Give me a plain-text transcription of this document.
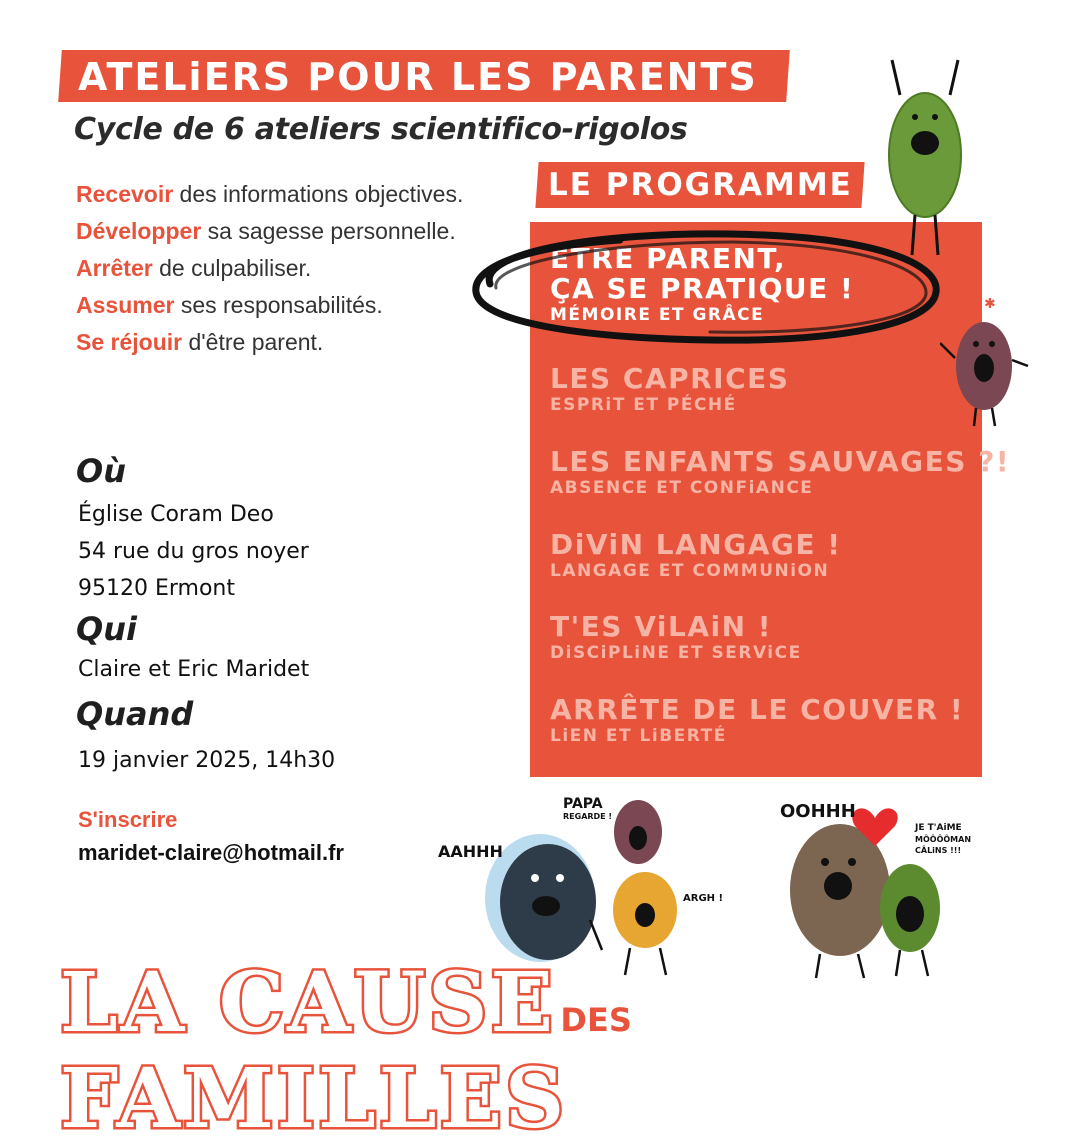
ATELiERS POUR LES PARENTS
Cycle de 6 ateliers scientifico-rigolos
Recevoir des informations objectives.
Développer sa sagesse personnelle.
Arrêter de culpabiliser.
Assumer ses responsabilités.
Se réjouir d'être parent.
Où
Église Coram Deo
54 rue du gros noyer
95120 Ermont
Qui
Claire et Eric Maridet
Quand
19 janvier 2025, 14h30
S'inscrire
maridet-claire@hotmail.fr
LE PROGRAMME
ETRE PARENT,
ÇA SE PRATIQUE !
MÉMOIRE ET GRÂCE
LES CAPRICES
ESPRiT ET PÉCHÉ
LES ENFANTS SAUVAGES ?!
ABSENCE ET CONFiANCE
DiViN LANGAGE !
LANGAGE ET COMMUNiON
T'ES ViLAiN !
DiSCiPLiNE ET SERViCE
ARRÊTE DE LE COUVER !
LiEN ET LiBERTÉ
✱
PAPA
REGARDE !
AAHHH
ARGH !
OOHHH
JE T'AiME
MÔÔÔÔMAN
CÂLiNS !!!
LA CAUSE DES FAMILLES
